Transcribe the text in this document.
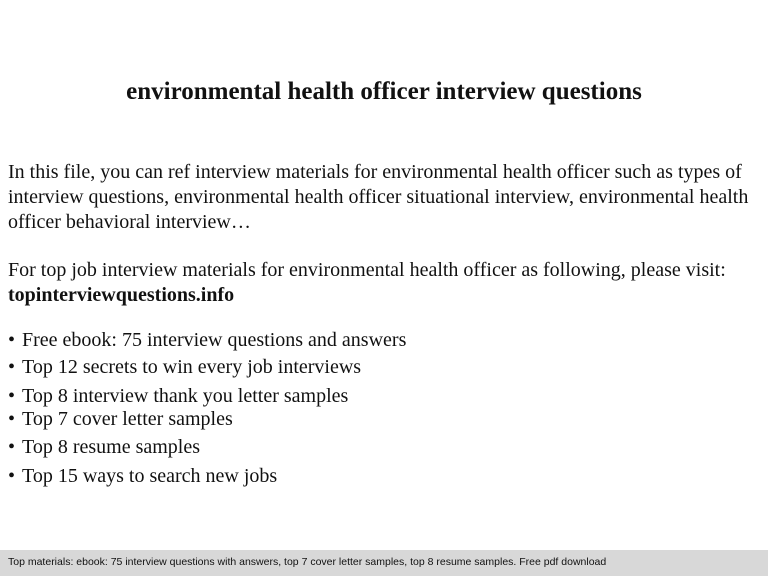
environmental health officer interview questions
In this file, you can ref interview materials for environmental health officer such as types of interview questions, environmental health officer situational interview, environmental health officer behavioral interview…
For top job interview materials for environmental health officer as following, please visit: topinterviewquestions.info
• Free ebook: 75 interview questions and answers
• Top 12 secrets to win every job interviews
• Top 8 interview thank you letter samples
• Top 7 cover letter samples
• Top 8 resume samples
• Top 15 ways to search new jobs
Top materials: ebook: 75 interview questions with answers, top 7 cover letter samples, top 8 resume samples. Free pdf download
